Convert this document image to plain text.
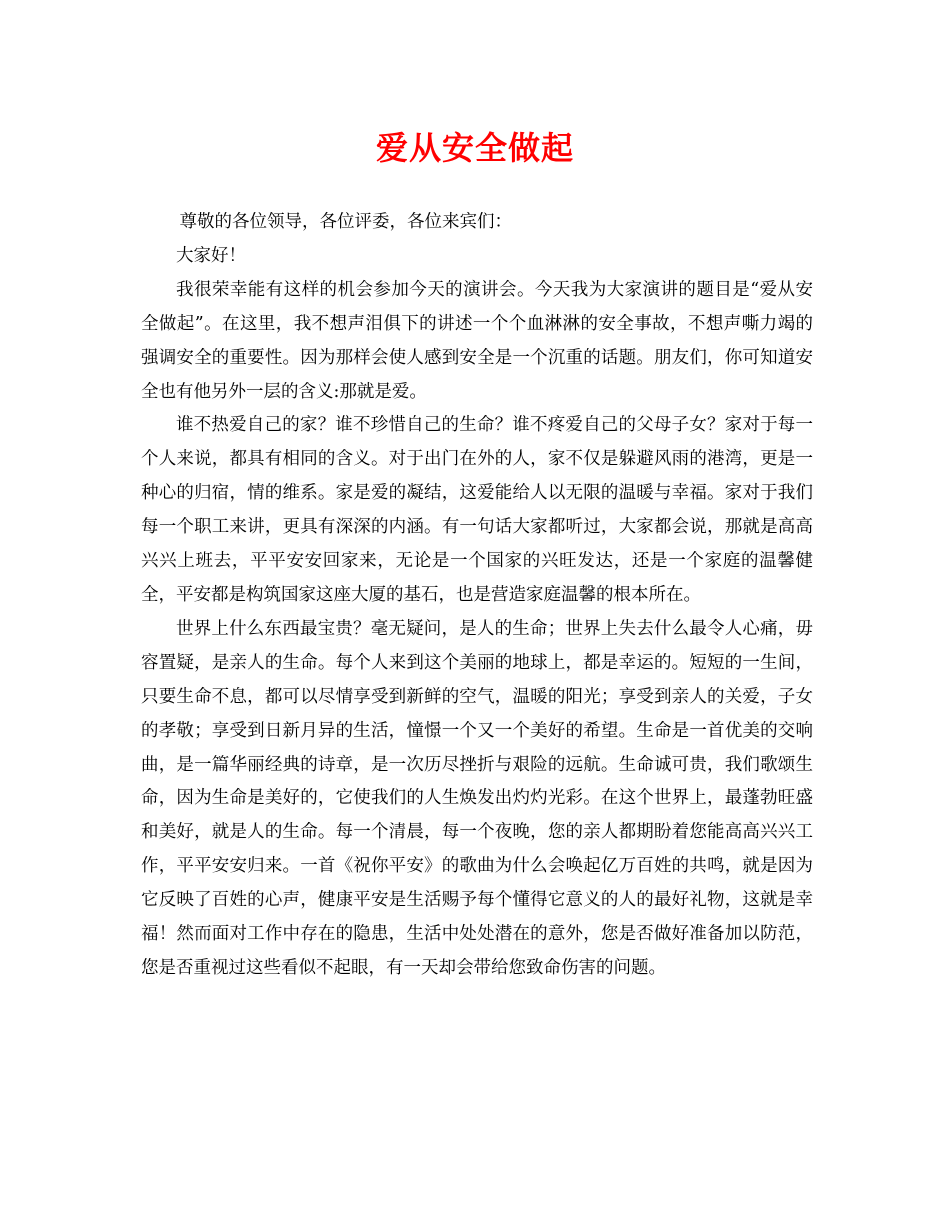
爱从安全做起

尊敬的各位领导，各位评委，各位来宾们：

大家好！

我很荣幸能有这样的机会参加今天的演讲会。今天我为大家演讲的题目是“爱从安全做起”。在这里，我不想声泪俱下的讲述一个个血淋淋的安全事故，不想声嘶力竭的强调安全的重要性。因为那样会使人感到安全是一个沉重的话题。朋友们，你可知道安全也有他另外一层的含义:那就是爱。

谁不热爱自己的家？谁不珍惜自己的生命？谁不疼爱自己的父母子女？家对于每一个人来说，都具有相同的含义。对于出门在外的人，家不仅是躲避风雨的港湾，更是一种心的归宿，情的维系。家是爱的凝结，这爱能给人以无限的温暖与幸福。家对于我们每一个职工来讲，更具有深深的内涵。有一句话大家都听过，大家都会说，那就是高高兴兴上班去，平平安安回家来，无论是一个国家的兴旺发达，还是一个家庭的温馨健全，平安都是构筑国家这座大厦的基石，也是营造家庭温馨的根本所在。

世界上什么东西最宝贵？毫无疑问，是人的生命；世界上失去什么最令人心痛，毋容置疑，是亲人的生命。每个人来到这个美丽的地球上，都是幸运的。短短的一生间，只要生命不息，都可以尽情享受到新鲜的空气，温暖的阳光；享受到亲人的关爱，子女的孝敬；享受到日新月异的生活，憧憬一个又一个美好的希望。生命是一首优美的交响曲，是一篇华丽经典的诗章，是一次历尽挫折与艰险的远航。生命诚可贵，我们歌颂生命，因为生命是美好的，它使我们的人生焕发出灼灼光彩。在这个世界上，最蓬勃旺盛和美好，就是人的生命。每一个清晨，每一个夜晚，您的亲人都期盼着您能高高兴兴工作，平平安安归来。一首《祝你平安》的歌曲为什么会唤起亿万百姓的共鸣，就是因为它反映了百姓的心声，健康平安是生活赐予每个懂得它意义的人的最好礼物，这就是幸福！然而面对工作中存在的隐患，生活中处处潜在的意外，您是否做好准备加以防范，您是否重视过这些看似不起眼，有一天却会带给您致命伤害的问题。
